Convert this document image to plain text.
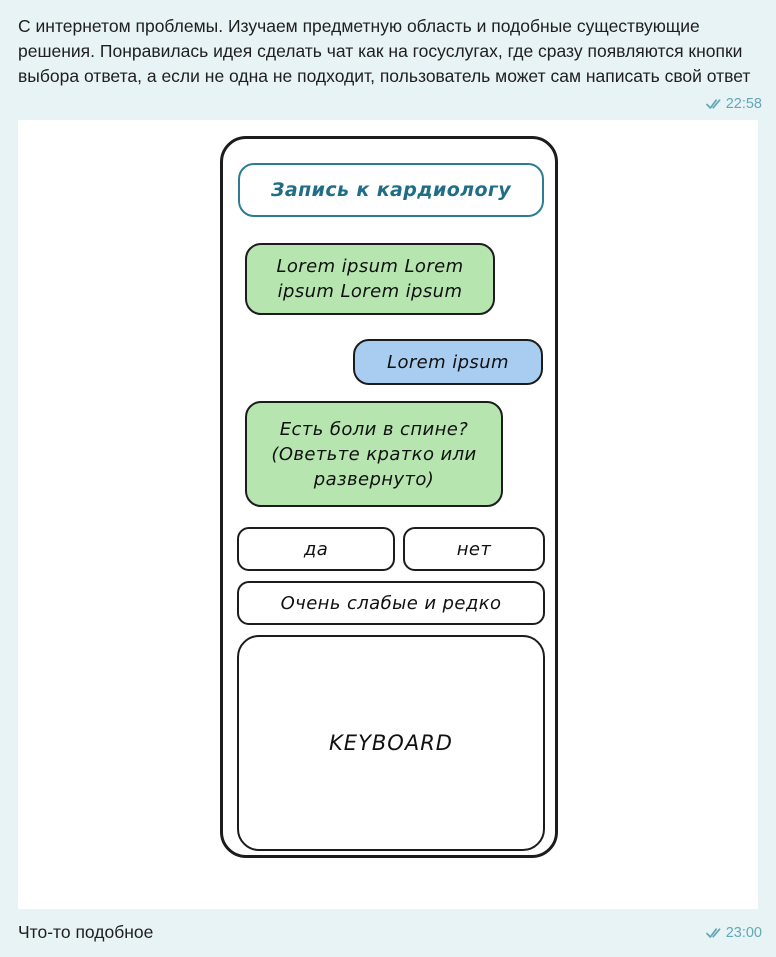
С интернетом проблемы. Изучаем предметную область и подобные существующие решения. Понравилась идея сделать чат как на госуслугах, где сразу появляются кнопки выбора ответа, а если не одна не подходит, пользователь может сам написать свой ответ

22:58
Запись к кардиологу
Lorem ipsum Lorem ipsum Lorem ipsum
Lorem ipsum
Есть боли в спине? (Оветьте кратко или развернуто)
да	нет
Очень слабые и редко
KEYBOARD
Что-то подобное	23:00
